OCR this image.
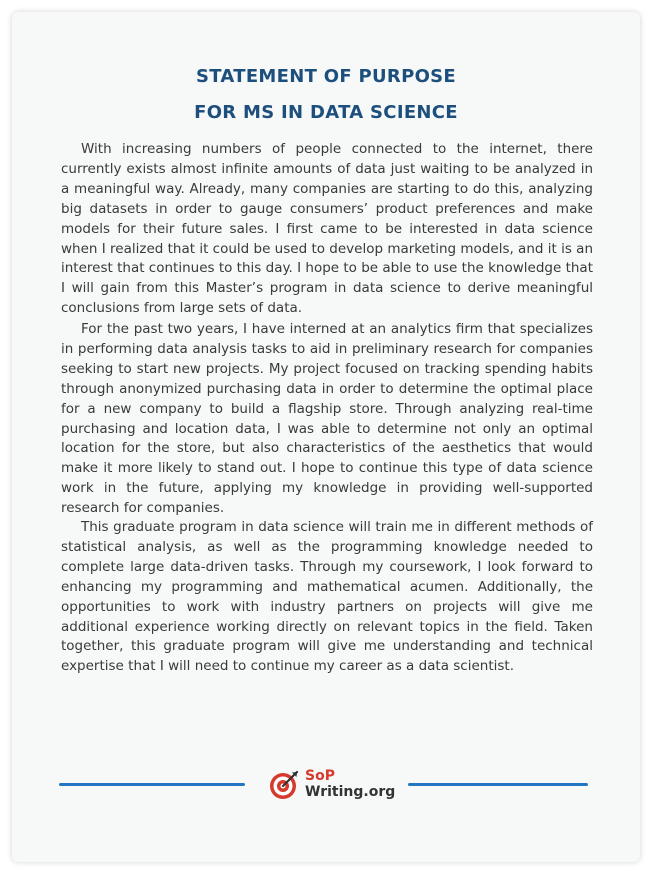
STATEMENT OF PURPOSE
FOR MS IN DATA SCIENCE

With increasing numbers of people connected to the internet, there currently exists almost infinite amounts of data just waiting to be analyzed in a meaningful way. Already, many companies are starting to do this, analyzing big datasets in order to gauge consumers’ product preferences and make models for their future sales. I first came to be interested in data science when I realized that it could be used to develop marketing models, and it is an interest that continues to this day. I hope to be able to use the knowledge that I will gain from this Master’s program in data science to derive meaningful conclusions from large sets of data.

For the past two years, I have interned at an analytics firm that specializes in performing data analysis tasks to aid in preliminary research for companies seeking to start new projects. My project focused on tracking spending habits through anonymized purchasing data in order to determine the optimal place for a new company to build a flagship store. Through analyzing real-time purchasing and location data, I was able to determine not only an optimal location for the store, but also characteristics of the aesthetics that would make it more likely to stand out. I hope to continue this type of data science work in the future, applying my knowledge in providing well-supported research for companies.

This graduate program in data science will train me in different methods of statistical analysis, as well as the programming knowledge needed to complete large data-driven tasks. Through my coursework, I look forward to enhancing my programming and mathematical acumen. Additionally, the opportunities to work with industry partners on projects will give me additional experience working directly on relevant topics in the field. Taken together, this graduate program will give me understanding and technical expertise that I will need to continue my career as a data scientist.

SoP
Writing.org
